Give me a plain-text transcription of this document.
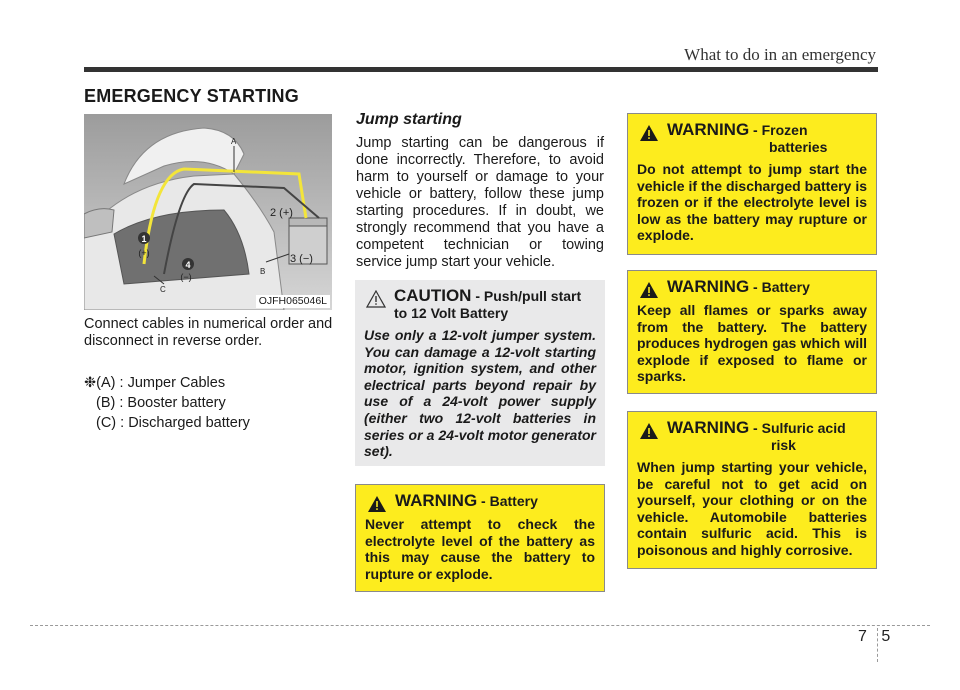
What to do in an emergency
EMERGENCY STARTING
1
4
(+)
(−)
A
B
C
2 (+)
3 (−)
OJFH065046L
Connect cables in numerical order and disconnect in reverse order.
❉(A) : Jumper Cables
(B) : Booster battery
(C) : Discharged battery
Jump starting
Jump starting can be dangerous if done incorrectly. Therefore, to avoid harm to yourself or damage to your vehicle or battery, follow these jump starting procedures. If in doubt, we strongly recommend that you have a competent technician or towing service jump start your vehicle.
CAUTION - Push/pull start
to 12 Volt Battery
Use only a 12-volt jumper system. You can damage a 12-volt starting motor, ignition system, and other electrical parts beyond repair by use of a 24-volt power supply (either two 12-volt batteries in series or a 24-volt motor generator set).
WARNING - Battery
Never attempt to check the electrolyte level of the battery as this may cause the battery to rupture or explode.
WARNING - Frozen
batteries
Do not attempt to jump start the vehicle if the discharged battery is frozen or if the electrolyte level is low as the battery may rupture or explode.
WARNING - Battery
Keep all flames or sparks away from the battery. The battery produces hydrogen gas which will explode if exposed to flame or sparks.
WARNING - Sulfuric acid
risk
When jump starting your vehicle, be careful not to get acid on yourself, your clothing or on the vehicle. Automobile batteries contain sulfuric acid. This is poisonous and highly corrosive.
7 5
